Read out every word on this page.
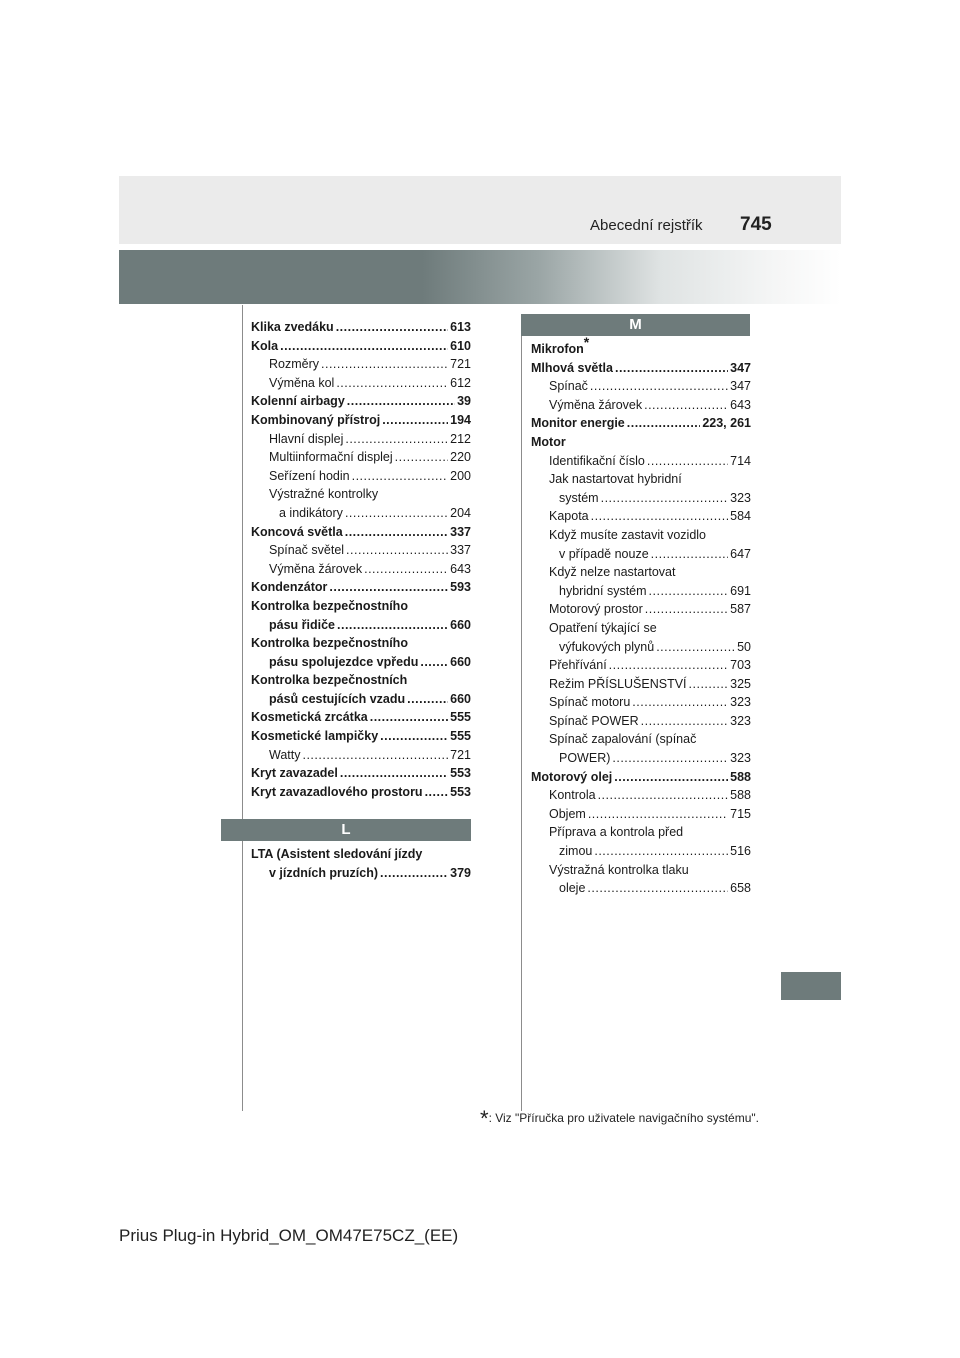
Abecední rejstřík 745
M
L
Klika zvedáku .....	613
Kola .....	610
Rozměry .....	721
Výměna kol .....	612
Kolenní airbagy .....	39
Kombinovaný přístroj .....	194
Hlavní displej .....	212
Multiinformační displej .....	220
Seřízení hodin .....	200
Výstražné kontrolky
a indikátory .....	204
Koncová světla .....	337
Spínač světel .....	337
Výměna žárovek .....	643
Kondenzátor .....	593
Kontrolka bezpečnostního
pásu řidiče .....	660
Kontrolka bezpečnostního
pásu spolujezdce vpředu .....	660
Kontrolka bezpečnostních
pásů cestujících vzadu .....	660
Kosmetická zrcátka .....	555
Kosmetické lampičky .....	555
Watty .....	721
Kryt zavazadel .....	553
Kryt zavazadlového prostoru ..... 553
LTA (Asistent sledování jízdy
v jízdních pruzích) .....	379
Mikrofon*
Mlhová světla .....	347
Spínač .....	347
Výměna žárovek .....	643
Monitor energie .....	223, 261
Motor
Identifikační číslo .....	714
Jak nastartovat hybridní
systém .....	323
Kapota .....	584
Když musíte zastavit vozidlo
v případě nouze .....	647
Když nelze nastartovat
hybridní systém .....	691
Motorový prostor .....	587
Opatření týkající se
výfukových plynů .....	50
Přehřívání .....	703
Režim PŘÍSLUŠENSTVÍ .....	325
Spínač motoru .....	323
Spínač POWER .....	323
Spínač zapalování (spínač
POWER) .....	323
Motorový olej .....	588
Kontrola .....	588
Objem .....	715
Příprava a kontrola před
zimou .....	516
Výstražná kontrolka tlaku
oleje .....	658
*: Viz "Příručka pro uživatele navigačního systému".
Prius Plug-in Hybrid_OM_OM47E75CZ_(EE)
